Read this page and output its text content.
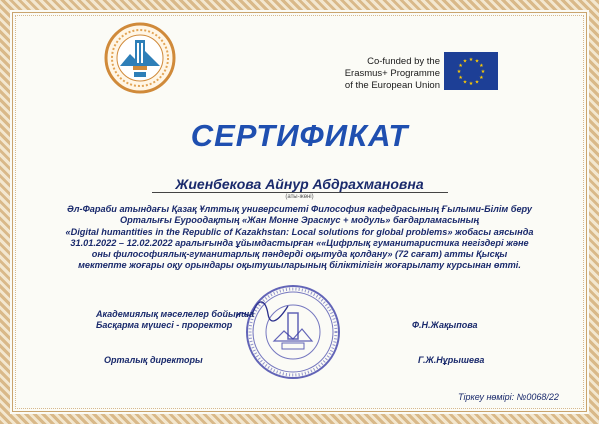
Co-funded by the
Erasmus+ Programme
of the European Union
★ ★
★
★
★
★
★
★
★
★
★
★
СЕРТИФИКАТ
Жиенбекова Айнур Абдрахмановна
(аты-жөні)
Әл-Фараби атындағы Қазақ Ұлттық университеті Философия кафедрасының Ғылыми-Білім беру
Орталығы Еуроодақтың «Жан Монне Эрасмус + модуль» бағдарламасының
«Digital humantities in the Republic of Kazakhstan: Local solutions for global problems» жобасы аясында
31.01.2022 – 12.02.2022 аралығында ұйымдастырған ««Цифрлық гуманитаристика негіздері және
оны философиялық-гуманитарлық пәндерді оқытуда қолдану» (72 сағат) атты Қысқы
мектепте жоғары оқу орындары оқытушыларының біліктілігін жоғарылату курсынан өтті.
Академиялық мәселелер бойынша
Басқарма мүшесі - проректор	Ф.Н.Жақыпова
Орталық директоры	Г.Ж.Нұрышева
Тіркеу нөмірі: №0068/22
